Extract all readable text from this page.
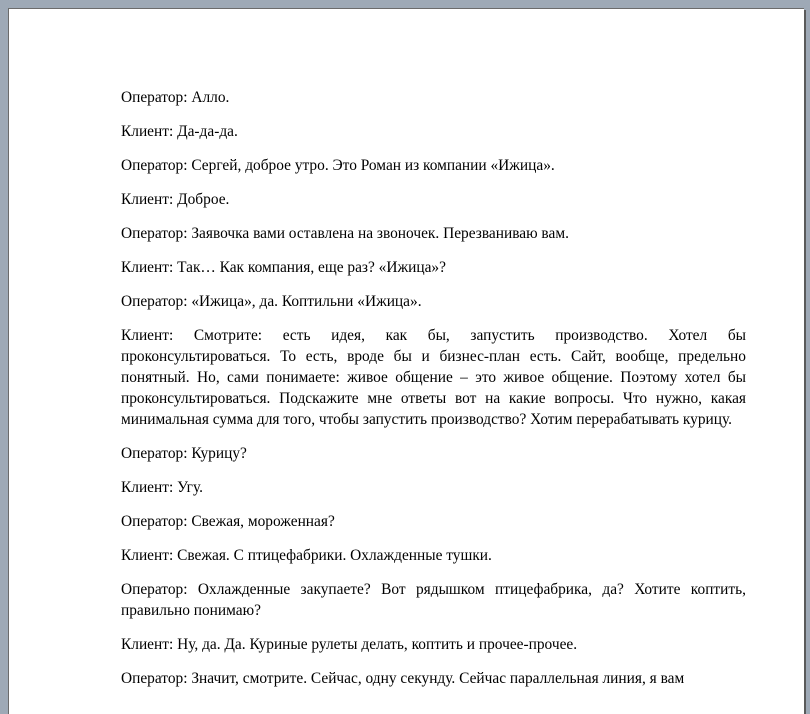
Оператор: Алло.

Клиент: Да-да-да.

Оператор: Сергей, доброе утро. Это Роман из компании «Ижица».

Клиент: Доброе.

Оператор: Заявочка вами оставлена на звоночек. Перезваниваю вам.

Клиент: Так… Как компания, еще раз? «Ижица»?

Оператор: «Ижица», да. Коптильни «Ижица».

Клиент: Смотрите: есть идея, как бы, запустить производство. Хотел бы проконсультироваться. То есть, вроде бы и бизнес-план есть. Сайт, вообще, предельно понятный. Но, сами понимаете: живое общение – это живое общение. Поэтому хотел бы проконсультироваться. Подскажите мне ответы вот на какие вопросы. Что нужно, какая минимальная сумма для того, чтобы запустить производство? Хотим перерабатывать курицу.

Оператор: Курицу?

Клиент: Угу.

Оператор: Свежая, мороженная?

Клиент: Свежая. С птицефабрики. Охлажденные тушки.

Оператор: Охлажденные закупаете? Вот рядышком птицефабрика, да? Хотите коптить, правильно понимаю?

Клиент: Ну, да. Да. Куриные рулеты делать, коптить и прочее-прочее.

Оператор: Значит, смотрите. Сейчас, одну секунду. Сейчас параллельная линия, я вам
